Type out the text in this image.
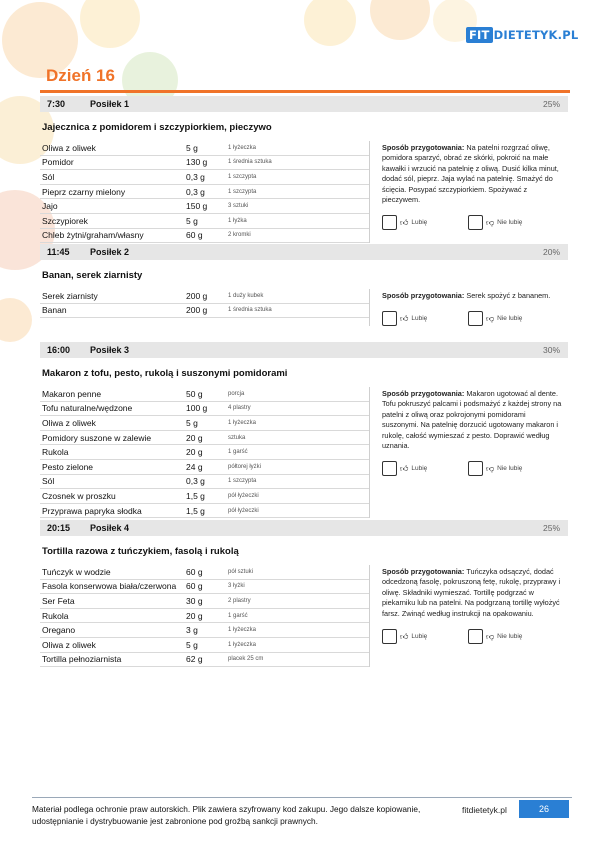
FIT DIETETYK.PL
Dzień 16
7:30	Posiłek 1	25%
Jajecznica z pomidorem i szczypiorkiem, pieczywo
Oliwa z oliwek	5 g	1 łyżeczka
Pomidor	130 g	1 średnia sztuka
Sól	0,3 g	1 szczypta
Pieprz czarny mielony	0,3 g	1 szczypta
Jajo	150 g	3 sztuki
Szczypiorek	5 g	1 łyżka
Chleb żytni/graham/własny	60 g	2 kromki

Sposób przygotowania: Na patelni rozgrzać oliwę, pomidora sparzyć, obrać ze skórki, pokroić na małe kawałki i wrzucić na patelnię z oliwą. Dusić kilka minut, dodać sól, pieprz. Jaja wylać na patelnię. Smażyć do ścięcia. Posypać szczypiorkiem. Spożywać z pieczywem.

👍︎ Lubię	👎︎ Nie lubię
11:45	Posiłek 2	20%
Banan, serek ziarnisty
Serek ziarnisty	200 g	1 duży kubek
Banan	200 g	1 średnia sztuka

Sposób przygotowania: Serek spożyć z bananem.

👍︎ Lubię	👎︎ Nie lubię
16:00	Posiłek 3	30%
Makaron z tofu, pesto, rukolą i suszonymi pomidorami
Makaron penne	50 g	porcja
Tofu naturalne/wędzone	100 g	4 plastry
Oliwa z oliwek	5 g	1 łyżeczka
Pomidory suszone w zalewie	20 g	sztuka
Rukola	20 g	1 garść
Pesto zielone	24 g	półtorej łyżki
Sól	0,3 g	1 szczypta
Czosnek w proszku	1,5 g	pół łyżeczki
Przyprawa papryka słodka	1,5 g	pół łyżeczki

Sposób przygotowania: Makaron ugotować al dente. Tofu pokruszyć palcami i podsmażyć z każdej strony na patelni z oliwą oraz pokrojonymi pomidorami suszonymi. Na patelnię dorzucić ugotowany makaron i rukolę, całość wymieszać z pesto. Doprawić według uznania.

👍︎ Lubię	👎︎ Nie lubię
20:15	Posiłek 4	25%
Tortilla razowa z tuńczykiem, fasolą i rukolą
Tuńczyk w wodzie	60 g	pół sztuki
Fasola konserwowa biała/czerwona	60 g	3 łyżki
Ser Feta	30 g	2 plastry
Rukola	20 g	1 garść
Oregano	3 g	1 łyżeczka
Oliwa z oliwek	5 g	1 łyżeczka
Tortilla pełnoziarnista	62 g	placek 25 cm

Sposób przygotowania: Tuńczyka odsączyć, dodać odcedzoną fasolę, pokruszoną fetę, rukolę, przyprawy i oliwę. Składniki wymieszać. Tortillę podgrzać w piekarniku lub na patelni. Na podgrzaną tortillę wyłożyć farsz. Zwinąć według instrukcji na opakowaniu.

👍︎ Lubię	👎︎ Nie lubię
Materiał podlega ochronie praw autorskich. Plik zawiera szyfrowany kod zakupu. Jego dalsze kopiowanie, udostępnianie i dystrybuowanie jest zabronione pod groźbą sankcji prawnych.
fitdietetyk.pl	26
